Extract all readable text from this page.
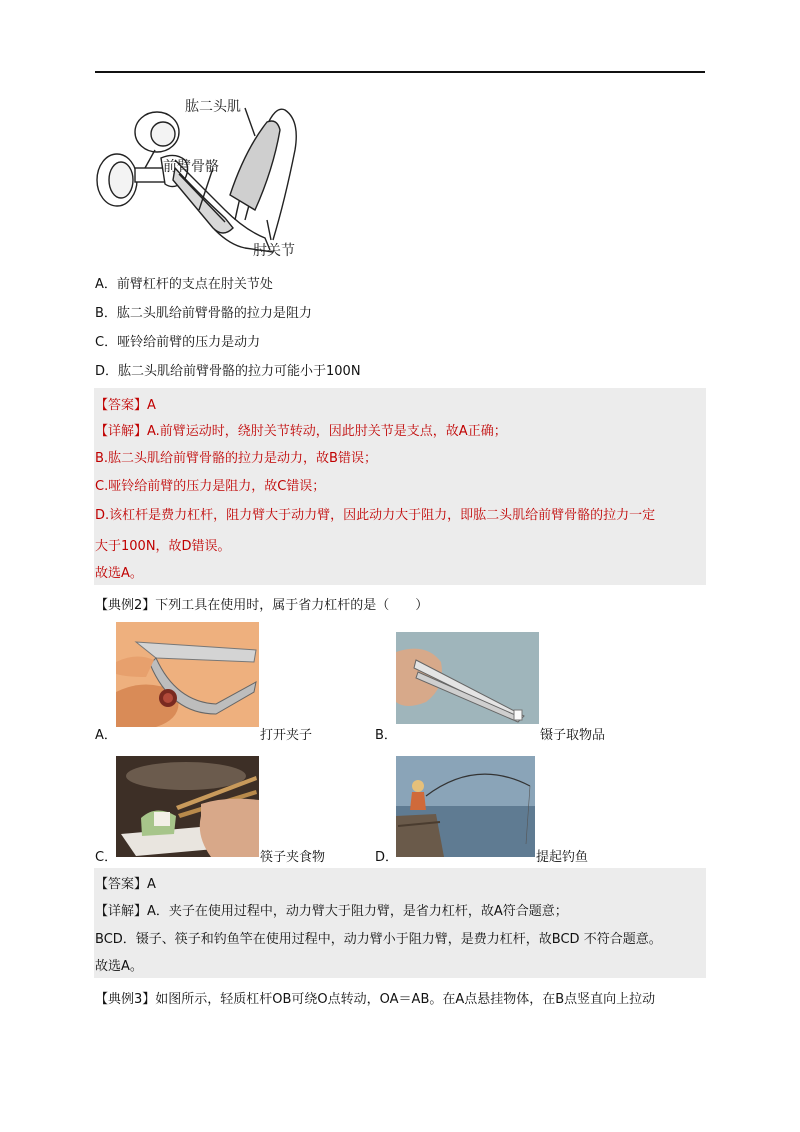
肱二头肌
前臂骨骼
肘关节
A．前臂杠杆的支点在肘关节处
B．肱二头肌给前臂骨骼的拉力是阻力
C．哑铃给前臂的压力是动力
D．肱二头肌给前臂骨骼的拉力可能小于100N
【答案】A
【详解】A.前臂运动时，绕肘关节转动，因此肘关节是支点，故A正确；
B.肱二头肌给前臂骨骼的拉力是动力，故B错误；
C.哑铃给前臂的压力是阻力，故C错误；
D.该杠杆是费力杠杆，阻力臂大于动力臂，因此动力大于阻力，即肱二头肌给前臂骨骼的拉力一定
大于100N，故D错误。
故选A。
【典例2】下列工具在使用时，属于省力杠杆的是（　　）
A．	打开夹子	B．	镊子取物品
C．	筷子夹食物	D．	提起钓鱼
【答案】A
【详解】A．夹子在使用过程中，动力臂大于阻力臂，是省力杠杆，故A符合题意；
BCD．镊子、筷子和钓鱼竿在使用过程中，动力臂小于阻力臂，是费力杠杆，故BCD 不符合题意。
故选A。
【典例3】如图所示，轻质杠杆OB可绕O点转动，OA＝AB。在A点悬挂物体，在B点竖直向上拉动
